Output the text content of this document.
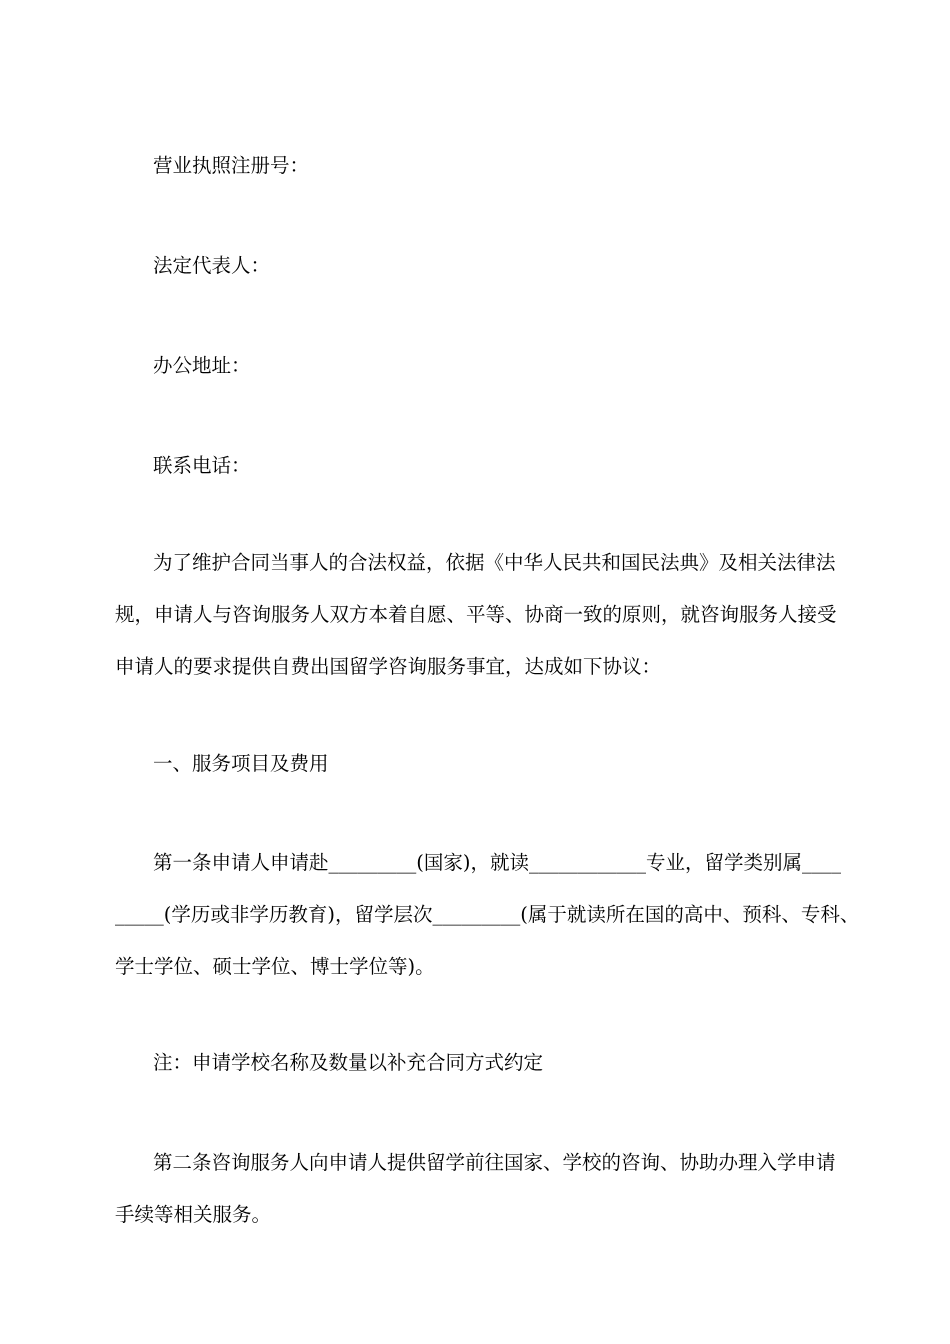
营业执照注册号：
法定代表人：
办公地址：
联系电话：
为了维护合同当事人的合法权益，依据《中华人民共和国民法典》及相关法律法
规，申请人与咨询服务人双方本着自愿、平等、协商一致的原则，就咨询服务人接受
申请人的要求提供自费出国留学咨询服务事宜，达成如下协议：
一、服务项目及费用
第一条申请人申请赴_________(国家)，就读____________专业，留学类别属____
_____(学历或非学历教育)，留学层次_________(属于就读所在国的高中、预科、专科、
学士学位、硕士学位、博士学位等)。
注：申请学校名称及数量以补充合同方式约定
第二条咨询服务人向申请人提供留学前往国家、学校的咨询、协助办理入学申请
手续等相关服务。
